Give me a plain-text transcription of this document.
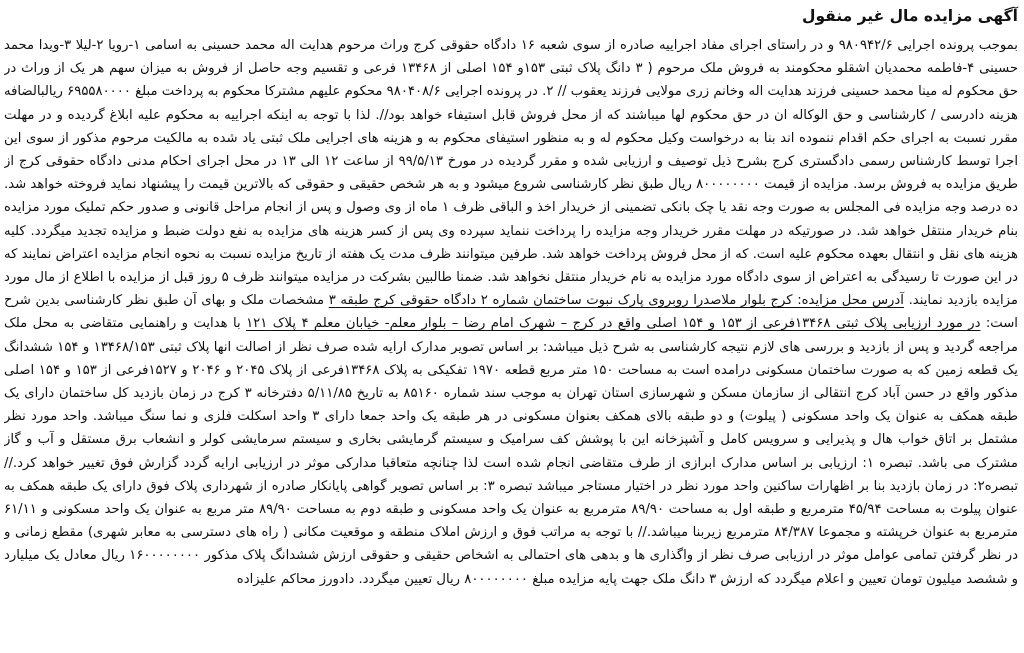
آگهی مزایده مال غیر منقول

بموجب پرونده اجرایی ۹۸۰۹۴۲/۶ و در راستای اجرای مفاد اجراییه صادره از سوی شعبه ۱۶ دادگاه حقوقی کرج وراث مرحوم هدایت اله محمد حسینی به اسامی ۱-رویا ۲-لیلا ۳-ویدا محمد حسینی ۴-فاطمه محمدیان اشقلو محکومند به فروش ملک مرحوم ( ۳ دانگ پلاک ثبتی ۱۵۳و ۱۵۴ اصلی از ۱۳۴۶۸ فرعی و تقسیم وجه حاصل از فروش به میزان سهم هر یک از وراث در حق محکوم له مینا محمد حسینی فرزند هدایت اله وخانم زری مولایی فرزند یعقوب // ۲. در پرونده اجرایی ۹۸۰۴۰۸/۶ محکوم علیهم مشترکا محکوم به پرداخت مبلغ ۶۹۵۵۸۰۰۰۰ ریالبالضافه هزینه دادرسی / کارشناسی و حق الوکاله ان در حق محکوم لها میباشند که از محل فروش قابل استیفاء خواهد بود//. لذا با توجه به اینکه اجراییه به محکوم علیه ابلاغ گردیده و در مهلت مقرر نسبت به اجرای حکم اقدام ننموده اند بنا به درخواست وکیل محکوم له و به منظور استیفای محکوم به و هزینه های اجرایی ملک ثبتی یاد شده به مالکیت مرحوم مذکور از سوی این اجرا توسط کارشناس رسمی دادگستری کرج بشرح ذیل توصیف و ارزیابی شده و مقرر گردیده در مورخ ۹۹/۵/۱۳ از ساعت ۱۲ الی ۱۳ در محل اجرای احکام مدنی دادگاه حقوقی کرج از طریق مزایده به فروش برسد. مزایده از قیمت ۸۰۰۰۰۰۰۰۰ ریال طبق نظر کارشناسی شروع میشود و به هر شخص حقیقی و حقوقی که بالاترین قیمت را پیشنهاد نماید فروخته خواهد شد. ده درصد وجه مزایده فی المجلس به صورت وجه نقد یا چک بانکی تضمینی از خریدار اخذ و الباقی ظرف ۱ ماه از وی وصول و پس از انجام مراحل قانونی و صدور حکم تملیک مورد مزایده بنام خریدار منتقل خواهد شد. در صورتیکه در مهلت مقرر خریدار وجه مزایده را پرداخت ننماید سپرده وی پس از کسر هزینه های مزایده به نفع دولت ضبط و مزایده تجدید میگردد. کلیه هزینه های نقل و انتقال بعهده محکوم علیه است. که از محل فروش پرداخت خواهد شد. طرفین میتوانند ظرف مدت یک هفته از تاریخ مزایده نسبت به نحوه انجام مزایده اعتراض نمایند که در این صورت تا رسیدگی به اعتراض از سوی دادگاه مورد مزایده به نام خریدار منتقل نخواهد شد. ضمنا طالبین بشرکت در مزایده میتوانند ظرف ۵ روز قبل از مزایده با اطلاع از مال مورد مزایده بازدید نمایند. آدرس محل مزایده: کرج بلوار ملاصدرا روبروی پارک نبوت ساختمان شماره ۲ دادگاه حقوقی کرج طبقه ۳ مشخصات ملک و بهای آن طبق نظر کارشناسی بدین شرح است: در مورد ارزیابی پلاک ثبتی ۱۳۴۶۸فرعی از ۱۵۳ و ۱۵۴ اصلی واقع در کرج – شهرک امام رضا – بلوار معلم- خیابان معلم ۴ پلاک ۱۲۱ با هدایت و راهنمایی متقاضی به محل ملک مراجعه گردید و پس از بازدید و بررسی های لازم نتیجه کارشناسی به شرح ذیل میباشد: بر اساس تصویر مدارک ارایه شده صرف نظر از اصالت انها پلاک ثبتی ۱۳۴۶۸/۱۵۳ و ۱۵۴ ششدانگ یک قطعه زمین که به صورت ساختمان مسکونی درامده است به مساحت ۱۵۰ متر مربع قطعه ۱۹۷۰ تفکیکی به پلاک ۱۳۴۶۸فرعی از پلاک ۲۰۴۵ و ۲۰۴۶ و ۱۵۲۷فرعی از ۱۵۳ و ۱۵۴ اصلی مذکور واقع در حسن آباد کرج انتقالی از سازمان مسکن و شهرسازی استان تهران به موجب سند شماره ۸۵۱۶۰ به تاریخ ۵/۱۱/۸۵ دفترخانه ۳ کرج در زمان بازدید کل ساختمان دارای یک طبقه همکف به عنوان یک واحد مسکونی ( پیلوت) و دو طبقه بالای همکف بعنوان مسکونی در هر طبقه یک واحد جمعا دارای ۳ واحد اسکلت فلزی و نما سنگ میباشد. واحد مورد نظر مشتمل بر اتاق خواب هال و پذیرایی و سرویس کامل و آشپزخانه این با پوشش کف سرامیک و سیستم گرمایشی بخاری و سیستم سرمایشی کولر و انشعاب برق مستقل و آب و گاز مشترک می باشد. تبصره ۱: ارزیابی بر اساس مدارک ابرازی از طرف متقاضی انجام شده است لذا چنانچه متعاقبا مدارکی موثر در ارزیابی ارایه گردد گزارش فوق تغییر خواهد کرد.// تبصره۲: در زمان بازدید بنا بر اظهارات ساکنین واحد مورد نظر در اختیار مستاجر میباشد تبصره ۳: بر اساس تصویر گواهی پایانکار صادره از شهرداری پلاک فوق دارای یک طبقه همکف به عنوان پیلوت به مساحت ۴۵/۹۴ مترمربع و طبقه اول به مساحت ۸۹/۹۰ مترمربع به عنوان یک واحد مسکونی و طبقه دوم به مساحت ۸۹/۹۰ متر مربع به عنوان یک واحد مسکونی و ۶۱/۱۱ مترمربع به عنوان خرپشته و مجموعا ۸۴/۳۸۷ مترمربع زیربنا میباشد.// با توجه به مراتب فوق و ارزش املاک منطقه و موقعیت مکانی ( راه های دسترسی به معابر شهری) مقطع زمانی و در نظر گرفتن تمامی عوامل موثر در ارزیابی صرف نظر از واگذاری ها و بدهی های احتمالی به اشخاص حقیقی و حقوقی ارزش ششدانگ پلاک مذکور ۱۶۰۰۰۰۰۰۰۰ ریال معادل یک میلیارد و ششصد میلیون تومان تعیین و اعلام میگردد که ارزش ۳ دانگ ملک جهت پایه مزایده مبلغ ۸۰۰۰۰۰۰۰۰ ریال تعیین میگردد. دادورز محاکم علیزاده
